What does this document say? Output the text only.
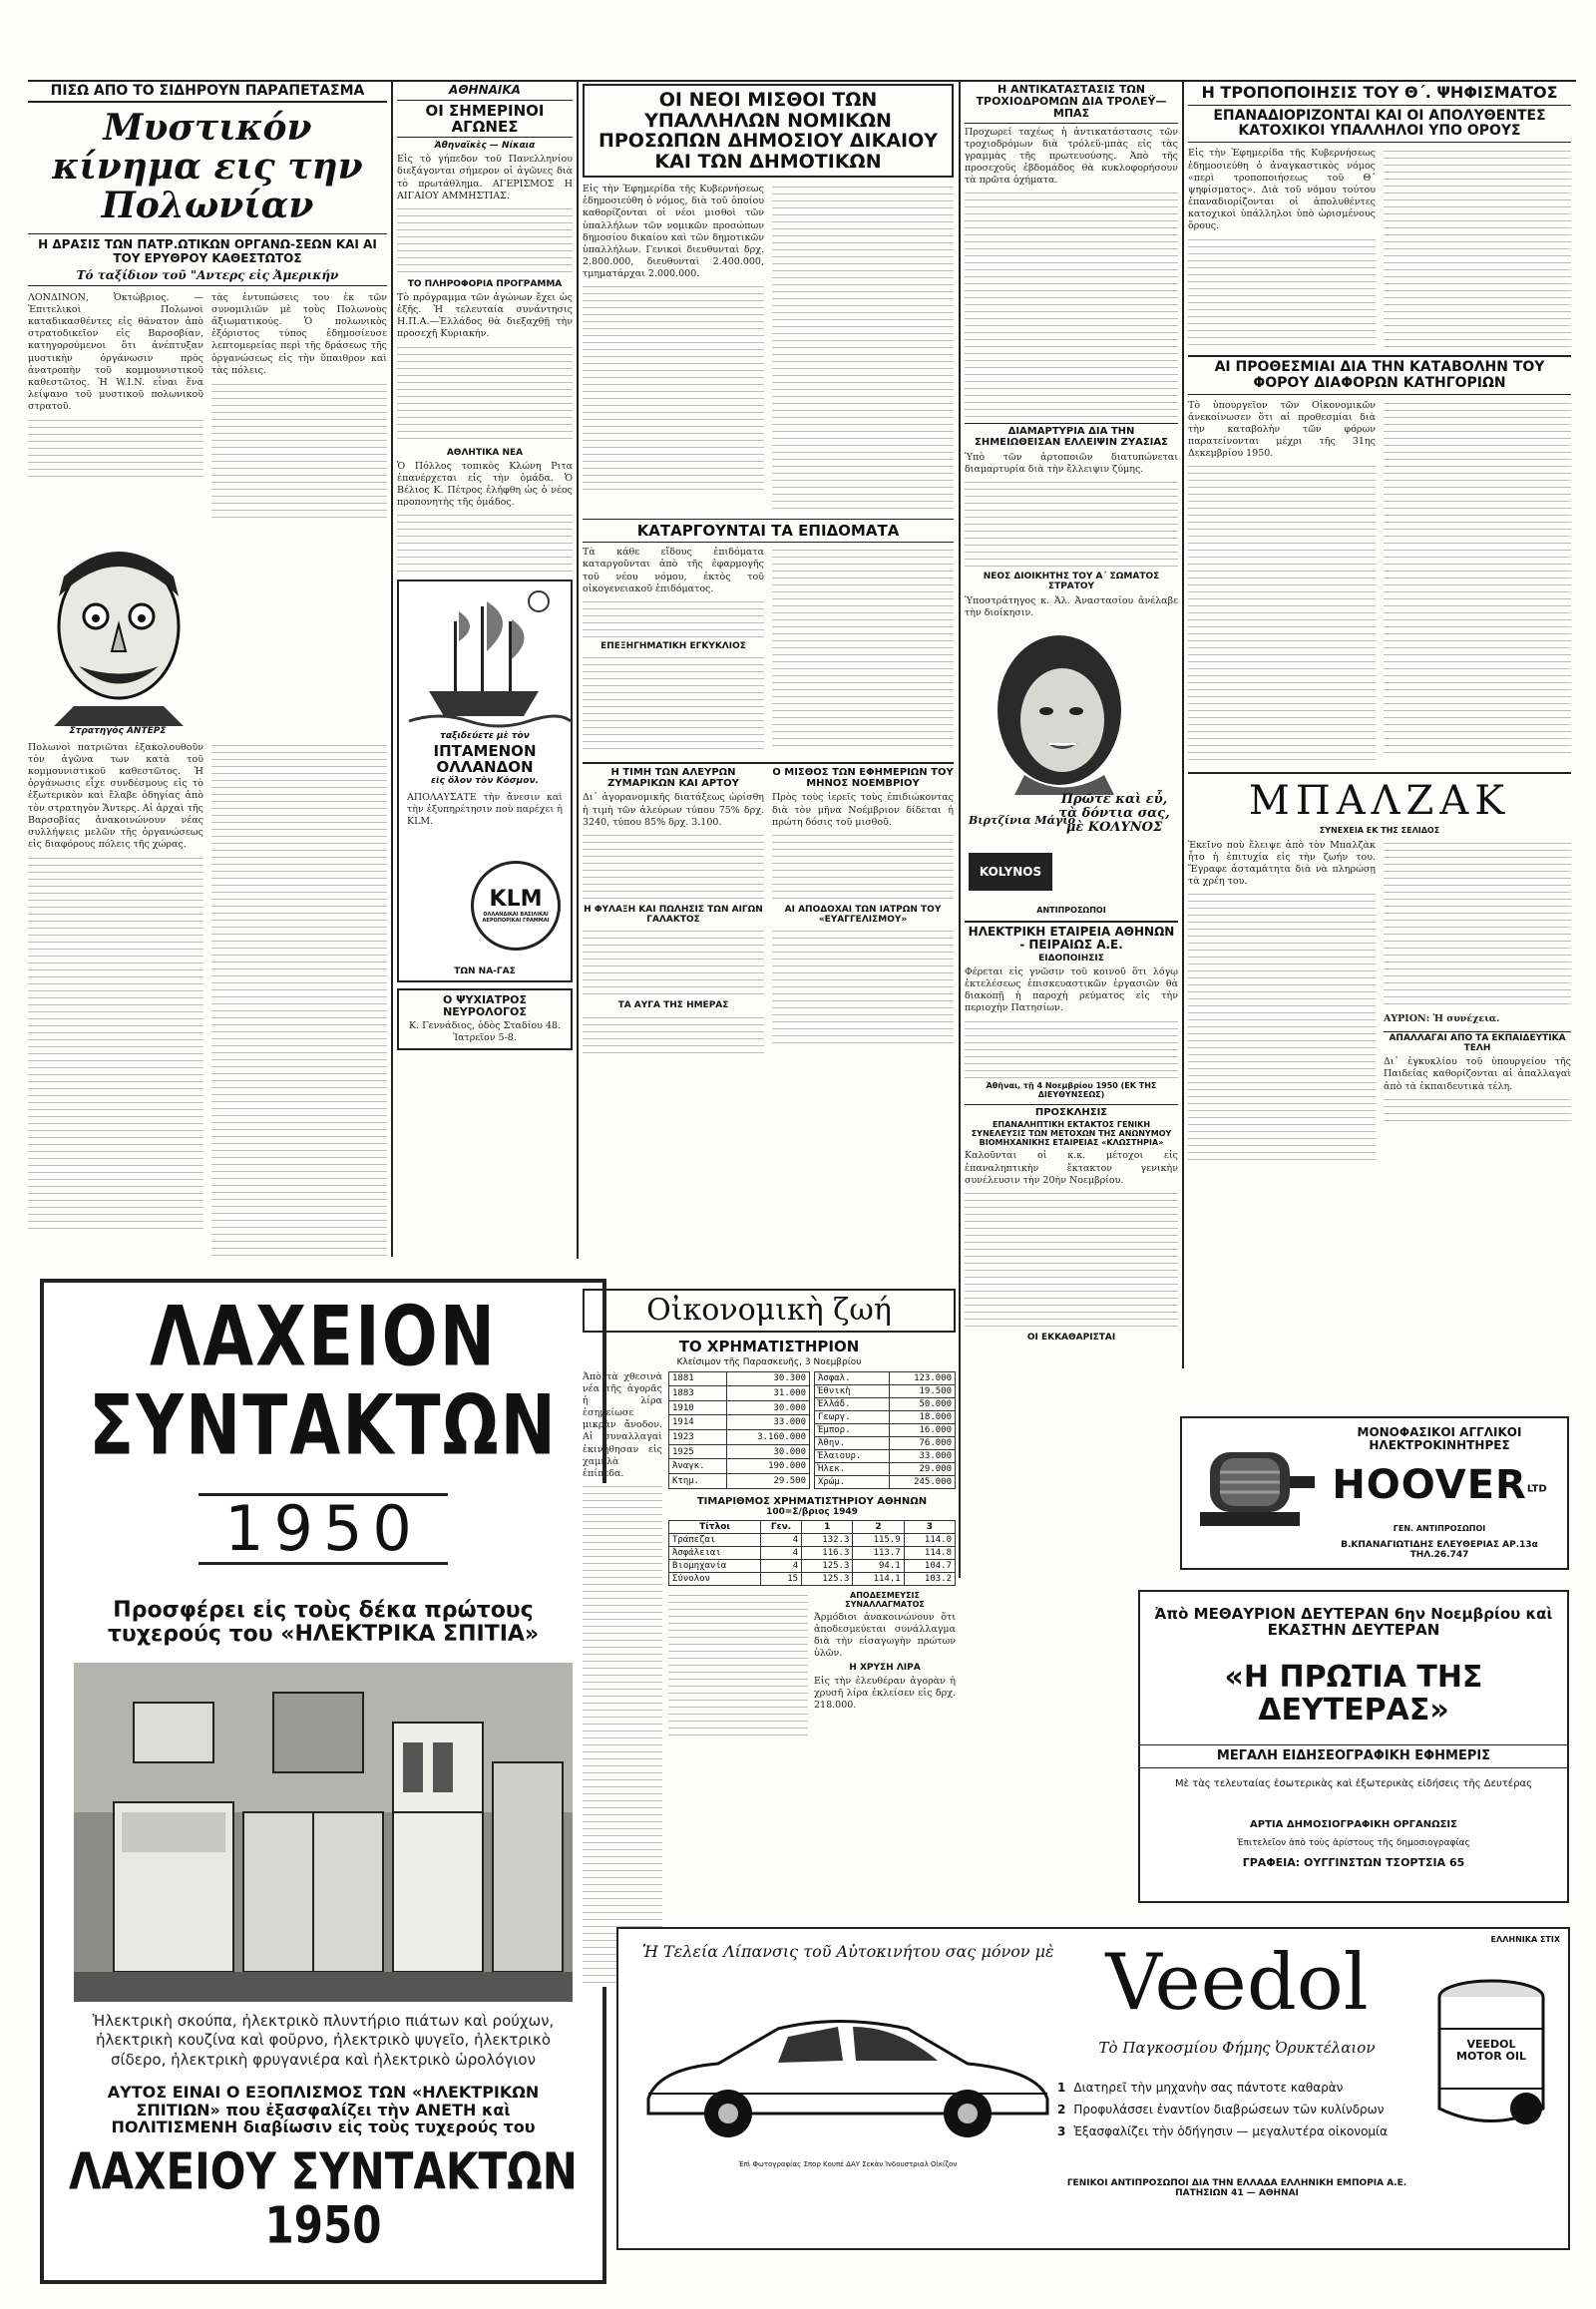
ΠΙΣΩ ΑΠΟ ΤΟ ΣΙΔΗΡΟΥΝ ΠΑΡΑΠΕΤΑΣΜΑ
Μυστικόν κίνημα εις την Πολωνίαν
Η ΔΡΑΣΙΣ ΤΩΝ ΠΑΤΡ.ΩΤΙΚΩΝ ΟΡΓΑΝΩ-ΣΕΩΝ ΚΑΙ ΑΙ ΤΟΥ ΕΡΥΘΡΟΥ ΚΑΘΕΣΤΩΤΟΣ
Τό ταξίδιον τοῦ "Αντερς εἰς Ἀμερικήν
ΛΟΝΔΙΝΟΝ, Ὀκτώβριος. — Ἐπιτελικοὶ Πολωνοὶ καταδικασθέντες εἰς θάνατον ἀπὸ στρατοδικεῖον εἰς Βαρσοβίαν, κατηγορούμενοι ὅτι ἀνέπτυξαν μυστικὴν ὀργάνωσιν πρὸς ἀνατροπὴν τοῦ κομμουνιστικοῦ καθεστῶτος. Ἡ W.I.N. εἶναι ἕνα λείψανο τοῦ μυστικοῦ πολωνικοῦ στρατοῦ.
τὰς ἐντυπώσεις του ἐκ τῶν συνομιλιῶν μὲ τοὺς Πολωνοὺς ἀξιωματικούς. Ὁ πολωνικὸς ἐξόριστος τύπος ἐδημοσίευσε λεπτομερείας περὶ τῆς δράσεως τῆς ὀργανώσεως εἰς τὴν ὕπαιθρον καὶ τὰς πόλεις.
Στρατηγός ΑΝΤΕΡΣ
Πολωνοὶ πατριῶται ἐξακολουθοῦν τὸν ἀγῶνα των κατὰ τοῦ κομμουνιστικοῦ καθεστῶτος. Ἡ ὀργάνωσις εἶχε συνδέσμους εἰς τὸ ἐξωτερικὸν καὶ ἔλαβε ὁδηγίας ἀπὸ τὸν στρατηγὸν Ἄντερς. Αἱ ἀρχαὶ τῆς Βαρσοβίας ἀνακοινώνουν νέας συλλήψεις μελῶν τῆς ὀργανώσεως εἰς διαφόρους πόλεις τῆς χώρας.
ΑΘΗΝΑΪΚΑ
ΟΙ ΣΗΜΕΡΙΝΟΙ ΑΓΩΝΕΣ
Ἀθηναϊκὲς — Νίκαια
Εἰς τὸ γήπεδον τοῦ Πανελληνίου διεξάγονται σήμερον οἱ ἀγῶνες διὰ τὸ πρωτάθλημα. ΑΓΕΡΙΣΜΟΣ Η ΑΙΓΑΙΟΥ ΑΜΜΗΣΤΙΑΣ.
ΤΟ ΠΛΗΡΟΦΟΡΙΑ ΠΡΟΓΡΑΜΜΑ
Τὸ πρόγραμμα τῶν ἀγώνων ἔχει ὡς ἑξῆς. Ἡ τελευταία συνάντησις Η.Π.Α.—Ἐλλάδος θὰ διεξαχθῇ τὴν προσεχῆ Κυριακήν.
ΑΘΛΗΤΙΚΑ ΝΕΑ
Ὁ Πόλλος τοπικὸς Κλώνη Ριτα ἐπανέρχεται εἰς τὴν ὁμάδα. Ὁ Βέλιος Κ. Πέτρος ἐλήφθη ὡς ὁ νέος προπονητὴς τῆς ὁμάδος.
ταξιδεύετε μὲ τὸν
ΙΠΤΑΜΕΝΟΝ ΟΛΛΑΝΔΟΝ
εἰς ὅλον τὸν Κόσμον.
ΑΠΟΛΑΥΣΑΤΕ τὴν ἄνεσιν καὶ τὴν ἐξυπηρέτησιν ποὺ παρέχει ἡ KLM.
KLM
ΟΛΛΑΝΔΙΚΑΙ ΒΑΣΙΛΙΚΑΙ ΑΕΡΟΠΟΡΙΚΑΙ ΓΡΑΜΜΑΙ
ΤΩΝ ΝΑ-ΓΑΣ
Ο ΨΥΧΙΑΤΡΟΣ ΝΕΥΡΟΛΟΓΟΣ
Κ. Γεννάδιος, ὁδὸς Σταδίου 48. Ἰατρεῖον 5-8.
ΟΙ ΝΕΟΙ ΜΙΣΘΟΙ ΤΩΝ ΥΠΑΛΛΗΛΩΝ ΝΟΜΙΚΩΝ ΠΡΟΣΩΠΩΝ ΔΗΜΟΣΙΟΥ ΔΙΚΑΙΟΥ ΚΑΙ ΤΩΝ ΔΗΜΟΤΙΚΩΝ
Εἰς τὴν Ἐφημερίδα τῆς Κυβερνήσεως ἐδημοσιεύθη ὁ νόμος, διὰ τοῦ ὁποίου καθορίζονται οἱ νέοι μισθοὶ τῶν ὑπαλλήλων τῶν νομικῶν προσώπων δημοσίου δικαίου καὶ τῶν δημοτικῶν ὑπαλλήλων. Γενικοὶ διευθυνταὶ δρχ. 2.800.000, διευθυνταὶ 2.400.000, τμηματάρχαι 2.000.000.
ΚΑΤΑΡΓΟΥΝΤΑΙ ΤΑ ΕΠΙΔΟΜΑΤΑ
Τὰ κάθε εἴδους ἐπιδόματα καταργοῦνται ἀπὸ τῆς ἐφαρμογῆς τοῦ νέου νόμου, ἐκτὸς τοῦ οἰκογενειακοῦ ἐπιδόματος.
ΕΠΕΞΗΓΗΜΑΤΙΚΗ ΕΓΚΥΚΛΙΟΣ
Η ΤΙΜΗ ΤΩΝ ΑΛΕΥΡΩΝ ΖΥΜΑΡΙΚΩΝ ΚΑΙ ΑΡΤΟΥ
Δι᾽ ἀγορανομικῆς διατάξεως ὡρίσθη ἡ τιμὴ τῶν ἀλεύρων τύπου 75% δρχ. 3240, τύπου 85% δρχ. 3.100.
Η ΦΥΛΑΞΗ ΚΑΙ ΠΩΛΗΣΙΣ ΤΩΝ ΑΙΓΩΝ ΓΑΛΑΚΤΟΣ
ΤΑ ΑΥΓΑ ΤΗΣ ΗΜΕΡΑΣ
Ο ΜΙΣΘΟΣ ΤΩΝ ΕΦΗΜΕΡΙΩΝ ΤΟΥ ΜΗΝΟΣ ΝΟΕΜΒΡΙΟΥ
Πρὸς τοὺς ἱερεῖς τοὺς ἐπιδιώκοντας διὰ τὸν μῆνα Νοέμβριον δίδεται ἡ πρώτη δόσις τοῦ μισθοῦ.
ΑΙ ΑΠΟΔΟΧΑΙ ΤΩΝ ΙΑΤΡΩΝ ΤΟΥ «ΕΥΑΓΓΕΛΙΣΜΟΥ»
Η ΑΝΤΙΚΑΤΑΣΤΑΣΙΣ ΤΩΝ ΤΡΟΧΙΟΔΡΟΜΩΝ ΔΙΑ ΤΡΟΛΕΫ—ΜΠΑΣ
Προχωρεί ταχέως ἡ ἀντικατάστασις τῶν τροχιοδρόμων διὰ τρόλεϋ-μπὰς εἰς τὰς γραμμὰς τῆς πρωτευούσης. Ἀπὸ τῆς προσεχοῦς ἑβδομάδος θὰ κυκλοφορήσουν τὰ πρῶτα ὀχήματα.
ΔΙΑΜΑΡΤΥΡΙΑ ΔΙΑ ΤΗΝ ΣΗΜΕΙΩΘΕΙΣΑΝ ΕΛΛΕΙΨΙΝ ΖΥΑΣΙΑΣ
Ὑπὸ τῶν ἀρτοποιῶν διατυπώνεται διαμαρτυρία διὰ τὴν ἔλλειψιν ζύμης.
ΝΕΟΣ ΔΙΟΙΚΗΤΗΣ ΤΟΥ Α΄ ΣΩΜΑΤΟΣ ΣΤΡΑΤΟΥ
Ὑποστράτηγος κ. Ἀλ. Ἀναστασίου ἀνέλαβε τὴν διοίκησιν.
Πρῶτε καὶ εὖ, τὰ δόντια σας, μὲ ΚΟΛΥΝΟΣ
Βιρτζίνια Μάγιο
KOLYNOS
ΑΝΤΙΠΡΟΣΩΠΟΙ
ΗΛΕΚΤΡΙΚΗ ΕΤΑΙΡΕΙΑ ΑΘΗΝΩΝ - ΠΕΙΡΑΙΩΣ Α.Ε.
ΕΙΔΟΠΟΙΗΣΙΣ
Φέρεται εἰς γνῶσιν τοῦ κοινοῦ ὅτι λόγῳ ἐκτελέσεως ἐπισκευαστικῶν ἐργασιῶν θὰ διακοπῇ ἡ παροχὴ ρεύματος εἰς τὴν περιοχὴν Πατησίων.
Ἀθῆναι, τῇ 4 Νοεμβρίου 1950 (ΕΚ ΤΗΣ ΔΙΕΥΘΥΝΣΕΩΣ)
ΠΡΟΣΚΛΗΣΙΣ
ΕΠΑΝΑΛΗΠΤΙΚΗ ΕΚΤΑΚΤΟΣ ΓΕΝΙΚΗ ΣΥΝΕΛΕΥΣΙΣ ΤΩΝ ΜΕΤΟΧΩΝ ΤΗΣ ΑΝΩΝΥΜΟΥ ΒΙΟΜΗΧΑΝΙΚΗΣ ΕΤΑΙΡΕΙΑΣ «ΚΛΩΣΤΗΡΙΑ»
Καλοῦνται οἱ κ.κ. μέτοχοι εἰς ἐπαναληπτικὴν ἔκτακτον γενικὴν συνέλευσιν τὴν 20ὴν Νοεμβρίου.
ΟΙ ΕΚΚΑΘΑΡΙΣΤΑΙ
Η ΤΡΟΠΟΠΟΙΗΣΙΣ ΤΟΥ Θ΄. ΨΗΦΙΣΜΑΤΟΣ
ΕΠΑΝΑΔΙΟΡΙΖΟΝΤΑΙ ΚΑΙ ΟΙ ΑΠΟΛΥΘΕΝΤΕΣ ΚΑΤΟΧΙΚΟΙ ΥΠΑΛΛΗΛΟΙ ΥΠΟ ΟΡΟΥΣ
Εἰς τὴν Ἐφημερίδα τῆς Κυβερνήσεως ἐδημοσιεύθη ὁ ἀναγκαστικὸς νόμος «περὶ τροποποιήσεως τοῦ Θ΄ ψηφίσματος». Διὰ τοῦ νόμου τούτου ἐπαναδιορίζονται οἱ ἀπολυθέντες κατοχικοὶ ὑπάλληλοι ὑπὸ ὡρισμένους ὅρους.
ΑΙ ΠΡΟΘΕΣΜΙΑΙ ΔΙΑ ΤΗΝ ΚΑΤΑΒΟΛΗΝ ΤΟΥ ΦΟΡΟΥ ΔΙΑΦΟΡΩΝ ΚΑΤΗΓΟΡΙΩΝ
Τὸ ὑπουργεῖον τῶν Οἰκονομικῶν ἀνεκοίνωσεν ὅτι αἱ προθεσμίαι διὰ τὴν καταβολὴν τῶν φόρων παρατείνονται μέχρι τῆς 31ης Δεκεμβρίου 1950.
ΜΠΑΛΖΑΚ
ΣΥΝΕΧΕΙΑ ΕΚ ΤΗΣ ΣΕΛΙΔΟΣ
Ἐκεῖνο ποὺ ἔλειψε ἀπὸ τὸν Μπαλζὰκ ἦτο ἡ ἐπιτυχία εἰς τὴν ζωήν του. Ἔγραφε ἀσταμάτητα διὰ νὰ πληρώσῃ τὰ χρέη του.
ΑΥΡΙΟΝ: Ἡ συνέχεια.
ΑΠΑΛΛΑΓΑΙ ΑΠΟ ΤΑ ΕΚΠΑΙΔΕΥΤΙΚΑ ΤΕΛΗ
Δι᾽ ἐγκυκλίου τοῦ ὑπουργείου τῆς Παιδείας καθορίζονται αἱ ἀπαλλαγαὶ ἀπὸ τὰ ἐκπαιδευτικὰ τέλη.
ΜΟΝΟΦΑΣΙΚΟΙ ΑΓΓΛΙΚΟΙ ΗΛΕΚΤΡΟΚΙΝΗΤΗΡΕΣ
$HOOVER^{LTD}$
ΓΕΝ. ΑΝΤΙΠΡΟΣΩΠΟΙ
Β.ΚΠΑΝΑΓΙΩΤΙΔΗΣ ΕΛΕΥΘΕΡΙΑΣ ΑΡ.13α ΤΗΛ.26.747
Ἀπὸ ΜΕΘΑΥΡΙΟΝ ΔΕΥΤΕΡΑΝ 6ην Νοεμβρίου καὶ ΕΚΑΣΤΗΝ ΔΕΥΤΕΡΑΝ
«Η ΠΡΩΤΙΑ ΤΗΣ ΔΕΥΤΕΡΑΣ»
ΜΕΓΑΛΗ ΕΙΔΗΣΕΟΓΡΑΦΙΚΗ ΕΦΗΜΕΡΙΣ
Μὲ τὰς τελευταίας ἐσωτερικὰς καὶ ἐξωτερικὰς εἰδήσεις τῆς Δευτέρας
ΑΡΤΙΑ ΔΗΜΟΣΙΟΓΡΑΦΙΚΗ ΟΡΓΑΝΩΣΙΣ
Ἐπιτελεῖον ἀπὸ τοὺς ἀρίστους τῆς δημοσιογραφίας
ΓΡΑΦΕΙΑ: ΟΥΓΓΙΝΣΤΩΝ ΤΣΟΡΤΣΙΑ 65
ΛΑΧΕΙΟΝ ΣΥΝΤΑΚΤΩΝ
1950
Προσφέρει εἰς τοὺς δέκα πρώτους τυχερούς του «ΗΛΕΚΤΡΙΚΑ ΣΠΙΤΙΑ»
Ἠλεκτρικὴ σκούπα, ἠλεκτρικὸ πλυντήριο πιάτων καὶ ρούχων, ἠλεκτρικὴ κουζίνα καὶ φοῦρνο, ἠλεκτρικὸ ψυγεῖο, ἠλεκτρικὸ σίδερο, ἠλεκτρικὴ φρυγανιέρα καὶ ἠλεκτρικὸ ὡρολόγιον
ΑΥΤΟΣ ΕΙΝΑΙ Ο ΕΞΟΠΛΙΣΜΟΣ ΤΩΝ «ΗΛΕΚΤΡΙΚΩΝ ΣΠΙΤΙΩΝ» που ἐξασφαλίζει τὴν ΑΝΕΤΗ καὶ ΠΟΛΙΤΙΣΜΕΝΗ διαβίωσιν εἰς τοὺς τυχερούς του
ΛΑΧΕΙΟΥ ΣΥΝΤΑΚΤΩΝ 1950
Οἰκονομικὴ ζωή
ΤΟ ΧΡΗΜΑΤΙΣΤΗΡΙΟΝ
Κλείσιμον τῆς Παρασκευῆς, 3 Νοεμβρίου
Ἀπὸ τὰ χθεσινὰ νέα τῆς ἀγορᾶς ἡ λίρα ἐσημείωσε μικρὰν ἄνοδον. Αἱ συναλλαγαὶ ἐκινήθησαν εἰς χαμηλὰ ἐπίπεδα.
1881	30.300
1883	31.000
1910	30.000
1914	33.000
1923	3.160.000
1925	30.000
Ἀναγκ.	190.000
Κτημ.	29.500
Ἀσφαλ.	123.000
Ἐθνικὴ	19.500
Ἑλλάδ.	50.000
Γεωργ.	18.000
Ἐμπορ.	16.000
Ἀθην.	76.000
Ἐλαιουρ.	33.000
Ἠλεκ.	29.000
Χρώμ.	245.000
ΤΙΜΑΡΙΘΜΟΣ ΧΡΗΜΑΤΙΣΤΗΡΙΟΥ ΑΘΗΝΩΝ
100=Σ/βριος 1949
Τίτλοι	Γεν.	1	2	3
Τράπεζαι	4	132.3	115.9	114.0
Ἀσφάλειαι	4	116.3	113.7	114.8
Βιομηχανία	4	125.3	94.1	104.7
Σύνολον	15	125.3	114.1	103.2
ΑΠΟΔΕΣΜΕΥΣΙΣ ΣΥΝΑΛΛΑΓΜΑΤΟΣ
Ἀρμόδιοι ἀνακοινώνουν ὅτι ἀποδεσμεύεται συνάλλαγμα διὰ τὴν εἰσαγωγὴν πρώτων ὑλῶν.
Η ΧΡΥΣΗ ΛΙΡΑ
Εἰς τὴν ἐλευθέραν ἀγορὰν ἡ χρυσῆ λίρα ἐκλείσεν εἰς δρχ. 218.000.
Ἡ Τελεία Λίπανσις τοῦ Αὐτοκινήτου σας μόνον μὲ
Ἐπὶ Φωτογραφίας Σπορ Κουπέ ΔΑΥ Σεκὰν Ἰνδουστριαλ Οἰκίζον
Veedol
Τὸ Παγκοσμίου Φήμης Ὀρυκτέλαιον
1 Διατηρεῖ τὴν μηχανὴν σας πάντοτε καθαρὰν
2 Προφυλάσσει ἐναντίον διαβρώσεων τῶν κυλίνδρων
3 Ἐξασφαλίζει τὴν ὁδήγησιν — μεγαλυτέρα οἰκονομία
ΓΕΝΙΚΟΙ ΑΝΤΙΠΡΟΣΩΠΟΙ ΔΙΑ ΤΗΝ ΕΛΛΑΔΑ ΕΛΛΗΝΙΚΗ ΕΜΠΟΡΙΑ Α.Ε. ΠΑΤΗΣΙΩΝ 41 — ΑΘΗΝΑΙ
ΕΛΛΗΝΙΚΑ ΣΤΙΧ
VEEDOL MOTOR OIL
